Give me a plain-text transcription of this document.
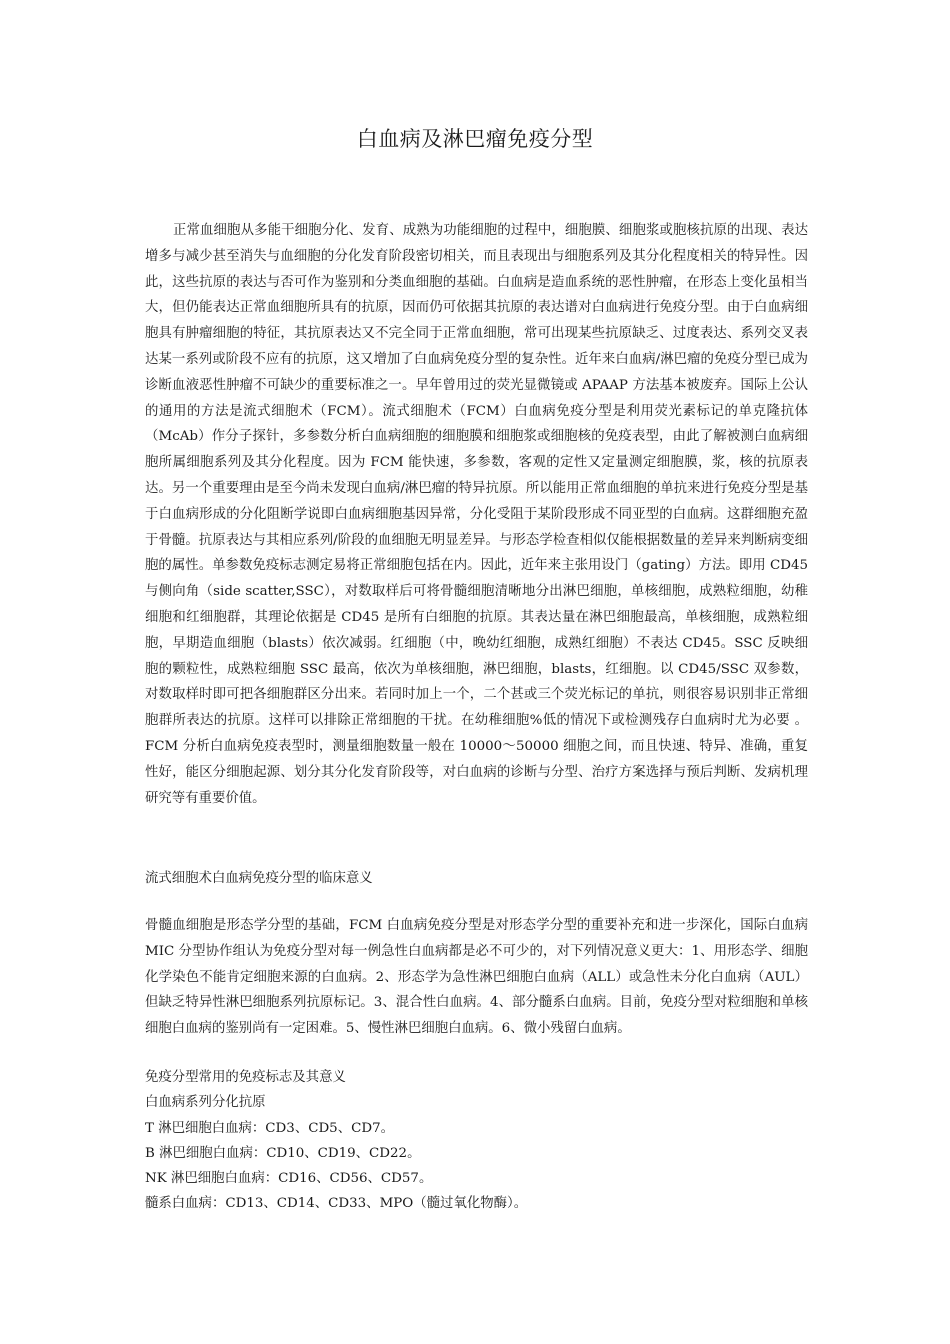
白血病及淋巴瘤免疫分型

正常血细胞从多能干细胞分化、发育、成熟为功能细胞的过程中，细胞膜、细胞浆或胞核抗原的出现、表达增多与减少甚至消失与血细胞的分化发育阶段密切相关，而且表现出与细胞系列及其分化程度相关的特异性。因此，这些抗原的表达与否可作为鉴别和分类血细胞的基础。白血病是造血系统的恶性肿瘤，在形态上变化虽相当大，但仍能表达正常血细胞所具有的抗原，因而仍可依据其抗原的表达谱对白血病进行免疫分型。由于白血病细胞具有肿瘤细胞的特征，其抗原表达又不完全同于正常血细胞，常可出现某些抗原缺乏、过度表达、系列交叉表达某一系列或阶段不应有的抗原，这又增加了白血病免疫分型的复杂性。近年来白血病/淋巴瘤的免疫分型已成为诊断血液恶性肿瘤不可缺少的重要标准之一。早年曾用过的荧光显微镜或 APAAP 方法基本被废弃。国际上公认的通用的方法是流式细胞术（FCM）。流式细胞术（FCM）白血病免疫分型是利用荧光素标记的单克隆抗体（McAb）作分子探针，多参数分析白血病细胞的细胞膜和细胞浆或细胞核的免疫表型，由此了解被测白血病细胞所属细胞系列及其分化程度。因为 FCM 能快速，多参数，客观的定性又定量测定细胞膜，浆，核的抗原表达。另一个重要理由是至今尚未发现白血病/淋巴瘤的特异抗原。所以能用正常血细胞的单抗来进行免疫分型是基于白血病形成的分化阻断学说即白血病细胞基因异常，分化受阻于某阶段形成不同亚型的白血病。这群细胞充盈于骨髓。抗原表达与其相应系列/阶段的血细胞无明显差异。与形态学检查相似仅能根据数量的差异来判断病变细胞的属性。单参数免疫标志测定易将正常细胞包括在内。因此，近年来主张用设门（gating）方法。即用 CD45 与侧向角（side scatter,SSC），对数取样后可将骨髓细胞清晰地分出淋巴细胞，单核细胞，成熟粒细胞，幼稚细胞和红细胞群，其理论依据是 CD45 是所有白细胞的抗原。其表达量在淋巴细胞最高，单核细胞，成熟粒细胞，早期造血细胞（blasts）依次减弱。红细胞（中，晚幼红细胞，成熟红细胞）不表达 CD45。SSC 反映细胞的颗粒性，成熟粒细胞 SSC 最高，依次为单核细胞，淋巴细胞，blasts，红细胞。以 CD45/SSC 双参数，对数取样时即可把各细胞群区分出来。若同时加上一个，二个甚或三个荧光标记的单抗，则很容易识别非正常细胞群所表达的抗原。这样可以排除正常细胞的干扰。在幼稚细胞%低的情况下或检测残存白血病时尤为必要 。FCM 分析白血病免疫表型时，测量细胞数量一般在 10000～50000 细胞之间，而且快速、特异、准确，重复性好，能区分细胞起源、划分其分化发育阶段等，对白血病的诊断与分型、治疗方案选择与预后判断、发病机理研究等有重要价值。

流式细胞术白血病免疫分型的临床意义

骨髓血细胞是形态学分型的基础，FCM 白血病免疫分型是对形态学分型的重要补充和进一步深化，国际白血病 MIC 分型协作组认为免疫分型对每一例急性白血病都是必不可少的，对下列情况意义更大：1、用形态学、细胞化学染色不能肯定细胞来源的白血病。2、形态学为急性淋巴细胞白血病（ALL）或急性未分化白血病（AUL）但缺乏特异性淋巴细胞系列抗原标记。3、混合性白血病。4、部分髓系白血病。目前，免疫分型对粒细胞和单核细胞白血病的鉴别尚有一定困难。5、慢性淋巴细胞白血病。6、微小残留白血病。

免疫分型常用的免疫标志及其意义
白血病系列分化抗原
T 淋巴细胞白血病：CD3、CD5、CD7。
B 淋巴细胞白血病：CD10、CD19、CD22。
NK 淋巴细胞白血病：CD16、CD56、CD57。
髓系白血病：CD13、CD14、CD33、MPO（髓过氧化物酶）。
